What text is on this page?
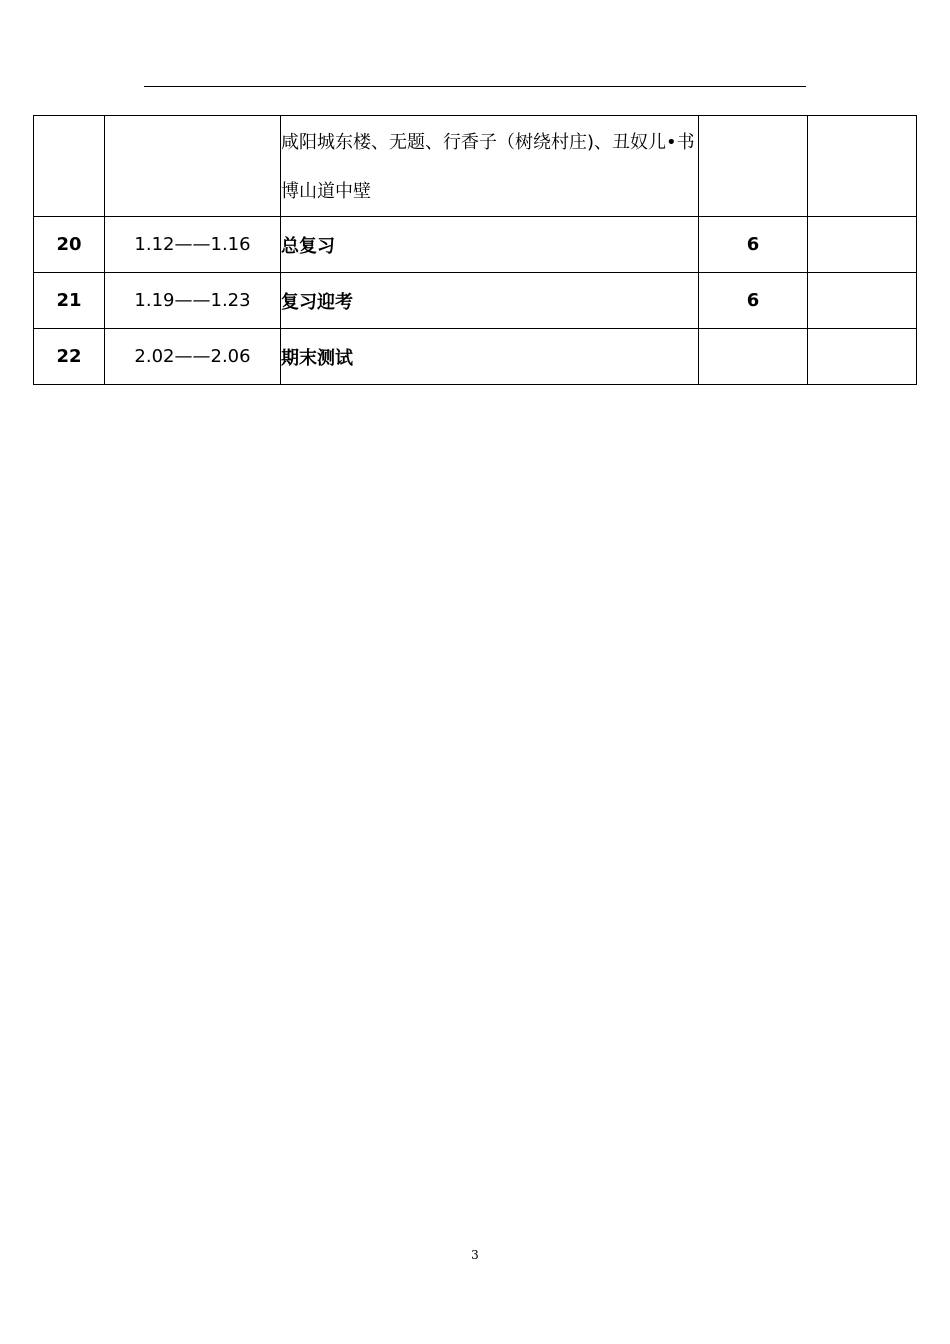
		咸阳城东楼、无题、行香子（树绕村庄)、丑奴儿•书博山道中壁		
20	1.12——1.16	总复习	6	
21	1.19——1.23	复习迎考	6	
22	2.02——2.06	期末测试		
3
